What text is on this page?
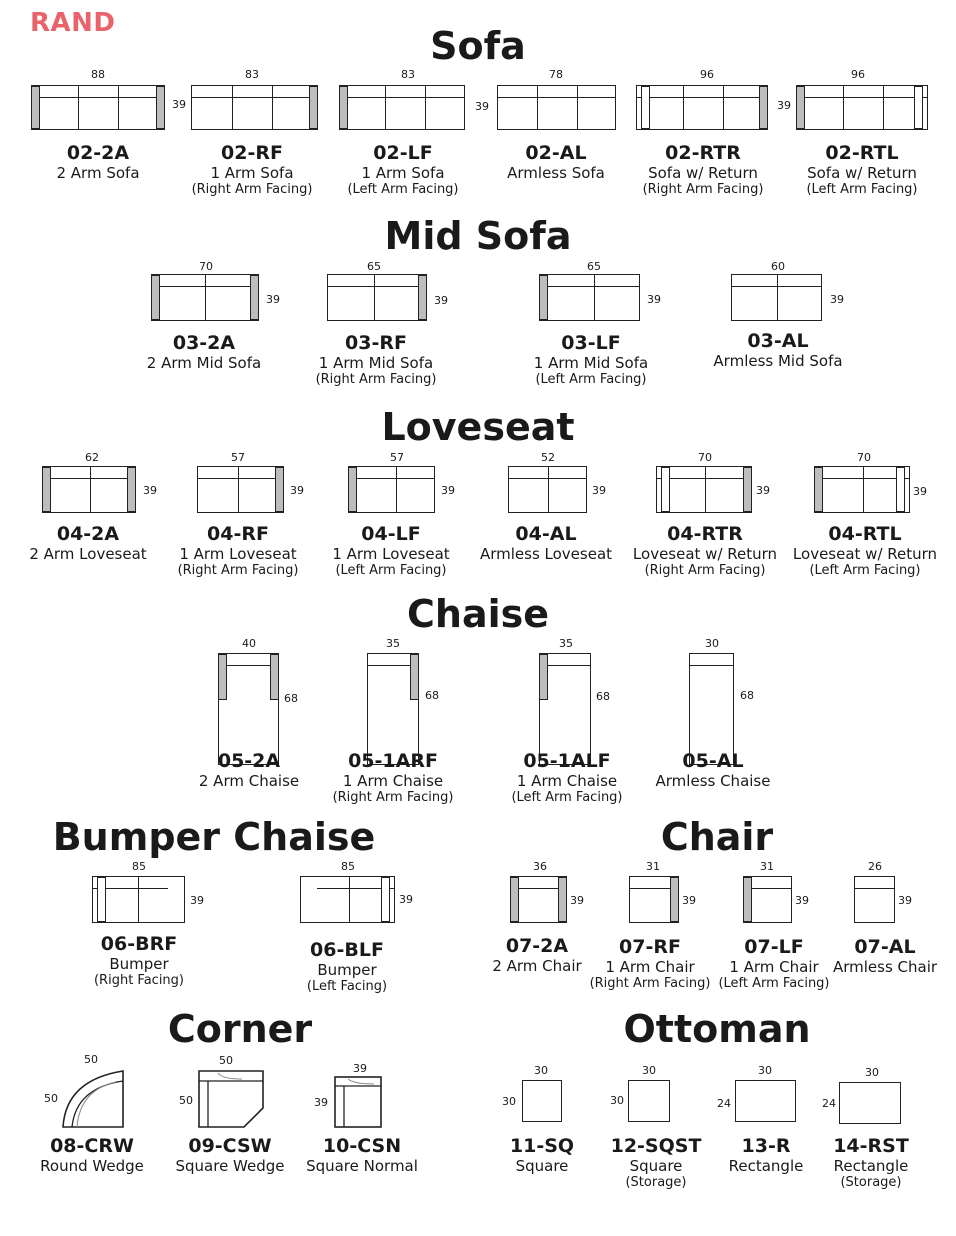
RAND
Sofa
88
39
02-2A
2 Arm Sofa
83
02-RF
1 Arm Sofa
(Right Arm Facing)
83
39
02-LF
1 Arm Sofa
(Left Arm Facing)
78
02-AL
Armless Sofa
96
39
02-RTR
Sofa w/ Return
(Right Arm Facing)
96
02-RTL
Sofa w/ Return
(Left Arm Facing)
Mid Sofa
70
39
03-2A
2 Arm Mid Sofa
65
39
03-RF
1 Arm Mid Sofa
(Right Arm Facing)
65
39
03-LF
1 Arm Mid Sofa
(Left Arm Facing)
60
39
03-AL
Armless Mid Sofa
Loveseat
62
39
04-2A
2 Arm Loveseat
57
39
04-RF
1 Arm Loveseat
(Right Arm Facing)
57
39
04-LF
1 Arm Loveseat
(Left Arm Facing)
52
39
04-AL
Armless Loveseat
70
39
04-RTR
Loveseat w/ Return
(Right Arm Facing)
70
39
04-RTL
Loveseat w/ Return
(Left Arm Facing)
Chaise
40
68
05-2A
2 Arm Chaise
35
68
05-1ARF
1 Arm Chaise
(Right Arm Facing)
35
68
05-1ALF
1 Arm Chaise
(Left Arm Facing)
30
68
05-AL
Armless Chaise
Bumper Chaise
85
39
06-BRF
Bumper
(Right Facing)
85
39
06-BLF
Bumper
(Left Facing)
Chair
36
39
07-2A
2 Arm Chair
31
39
07-RF
1 Arm Chair
(Right Arm Facing)
31
39
07-LF
1 Arm Chair
(Left Arm Facing)
26
39
07-AL
Armless Chair
Corner
50
50
08-CRW
Round Wedge
50
50
09-CSW
Square Wedge
39
39
10-CSN
Square Normal
Ottoman
30
30
11-SQ
Square
30
30
12-SQST
Square
(Storage)
30
24
13-R
Rectangle
30
24
14-RST
Rectangle
(Storage)
